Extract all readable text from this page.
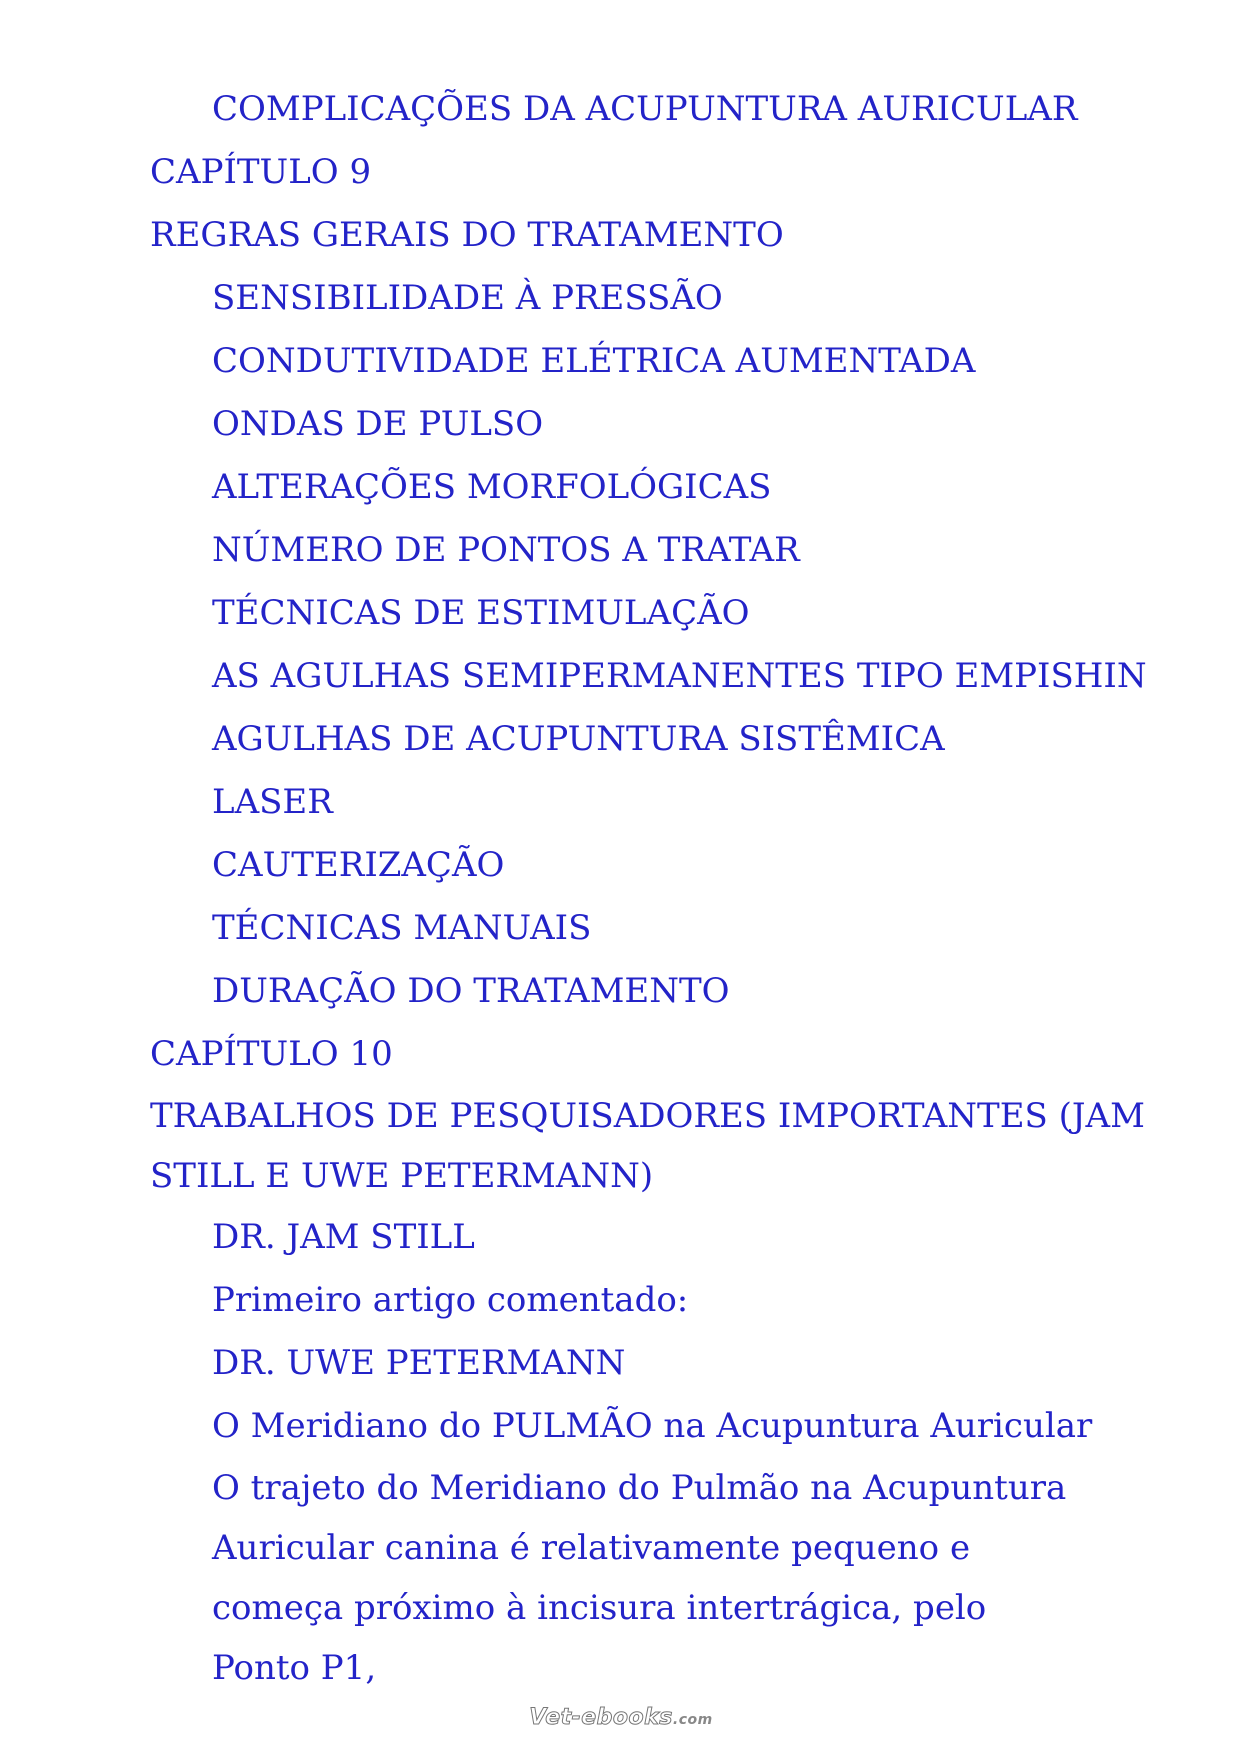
COMPLICAÇÕES DA ACUPUNTURA AURICULAR
CAPÍTULO 9
REGRAS GERAIS DO TRATAMENTO
SENSIBILIDADE À PRESSÃO
CONDUTIVIDADE ELÉTRICA AUMENTADA
ONDAS DE PULSO
ALTERAÇÕES MORFOLÓGICAS
NÚMERO DE PONTOS A TRATAR
TÉCNICAS DE ESTIMULAÇÃO
AS AGULHAS SEMIPERMANENTES TIPO EMPISHIN
AGULHAS DE ACUPUNTURA SISTÊMICA
LASER
CAUTERIZAÇÃO
TÉCNICAS MANUAIS
DURAÇÃO DO TRATAMENTO
CAPÍTULO 10
TRABALHOS DE PESQUISADORES IMPORTANTES (JAM STILL E UWE PETERMANN)
DR. JAM STILL
Primeiro artigo comentado:
DR. UWE PETERMANN
O Meridiano do PULMÃO na Acupuntura Auricular
O trajeto do Meridiano do Pulmão na Acupuntura Auricular canina é relativamente pequeno e começa próximo à incisura intertrágica, pelo Ponto P1,
Vet-ebooks.com
